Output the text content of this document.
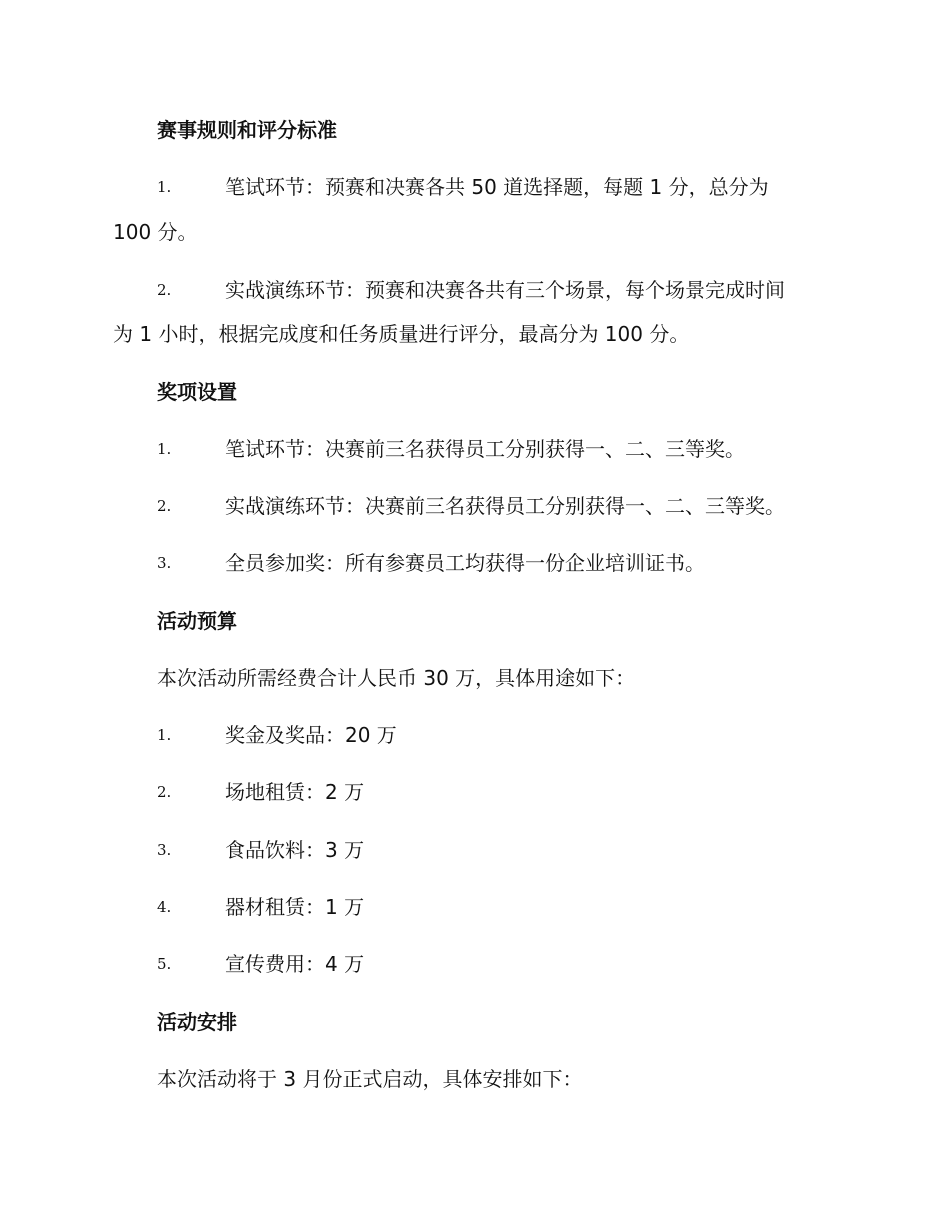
赛事规则和评分标准
1.	笔试环节：预赛和决赛各共 50 道选择题，每题 1 分，总分为
100 分。
2.	实战演练环节：预赛和决赛各共有三个场景，每个场景完成时间
为 1 小时，根据完成度和任务质量进行评分，最高分为 100 分。
奖项设置
1.	笔试环节：决赛前三名获得员工分别获得一、二、三等奖。
2.	实战演练环节：决赛前三名获得员工分别获得一、二、三等奖。
3.	全员参加奖：所有参赛员工均获得一份企业培训证书。
活动预算
本次活动所需经费合计人民币 30 万，具体用途如下：
1.	奖金及奖品：20 万
2.	场地租赁：2 万
3.	食品饮料：3 万
4.	器材租赁：1 万
5.	宣传费用：4 万
活动安排
本次活动将于 3 月份正式启动，具体安排如下：
